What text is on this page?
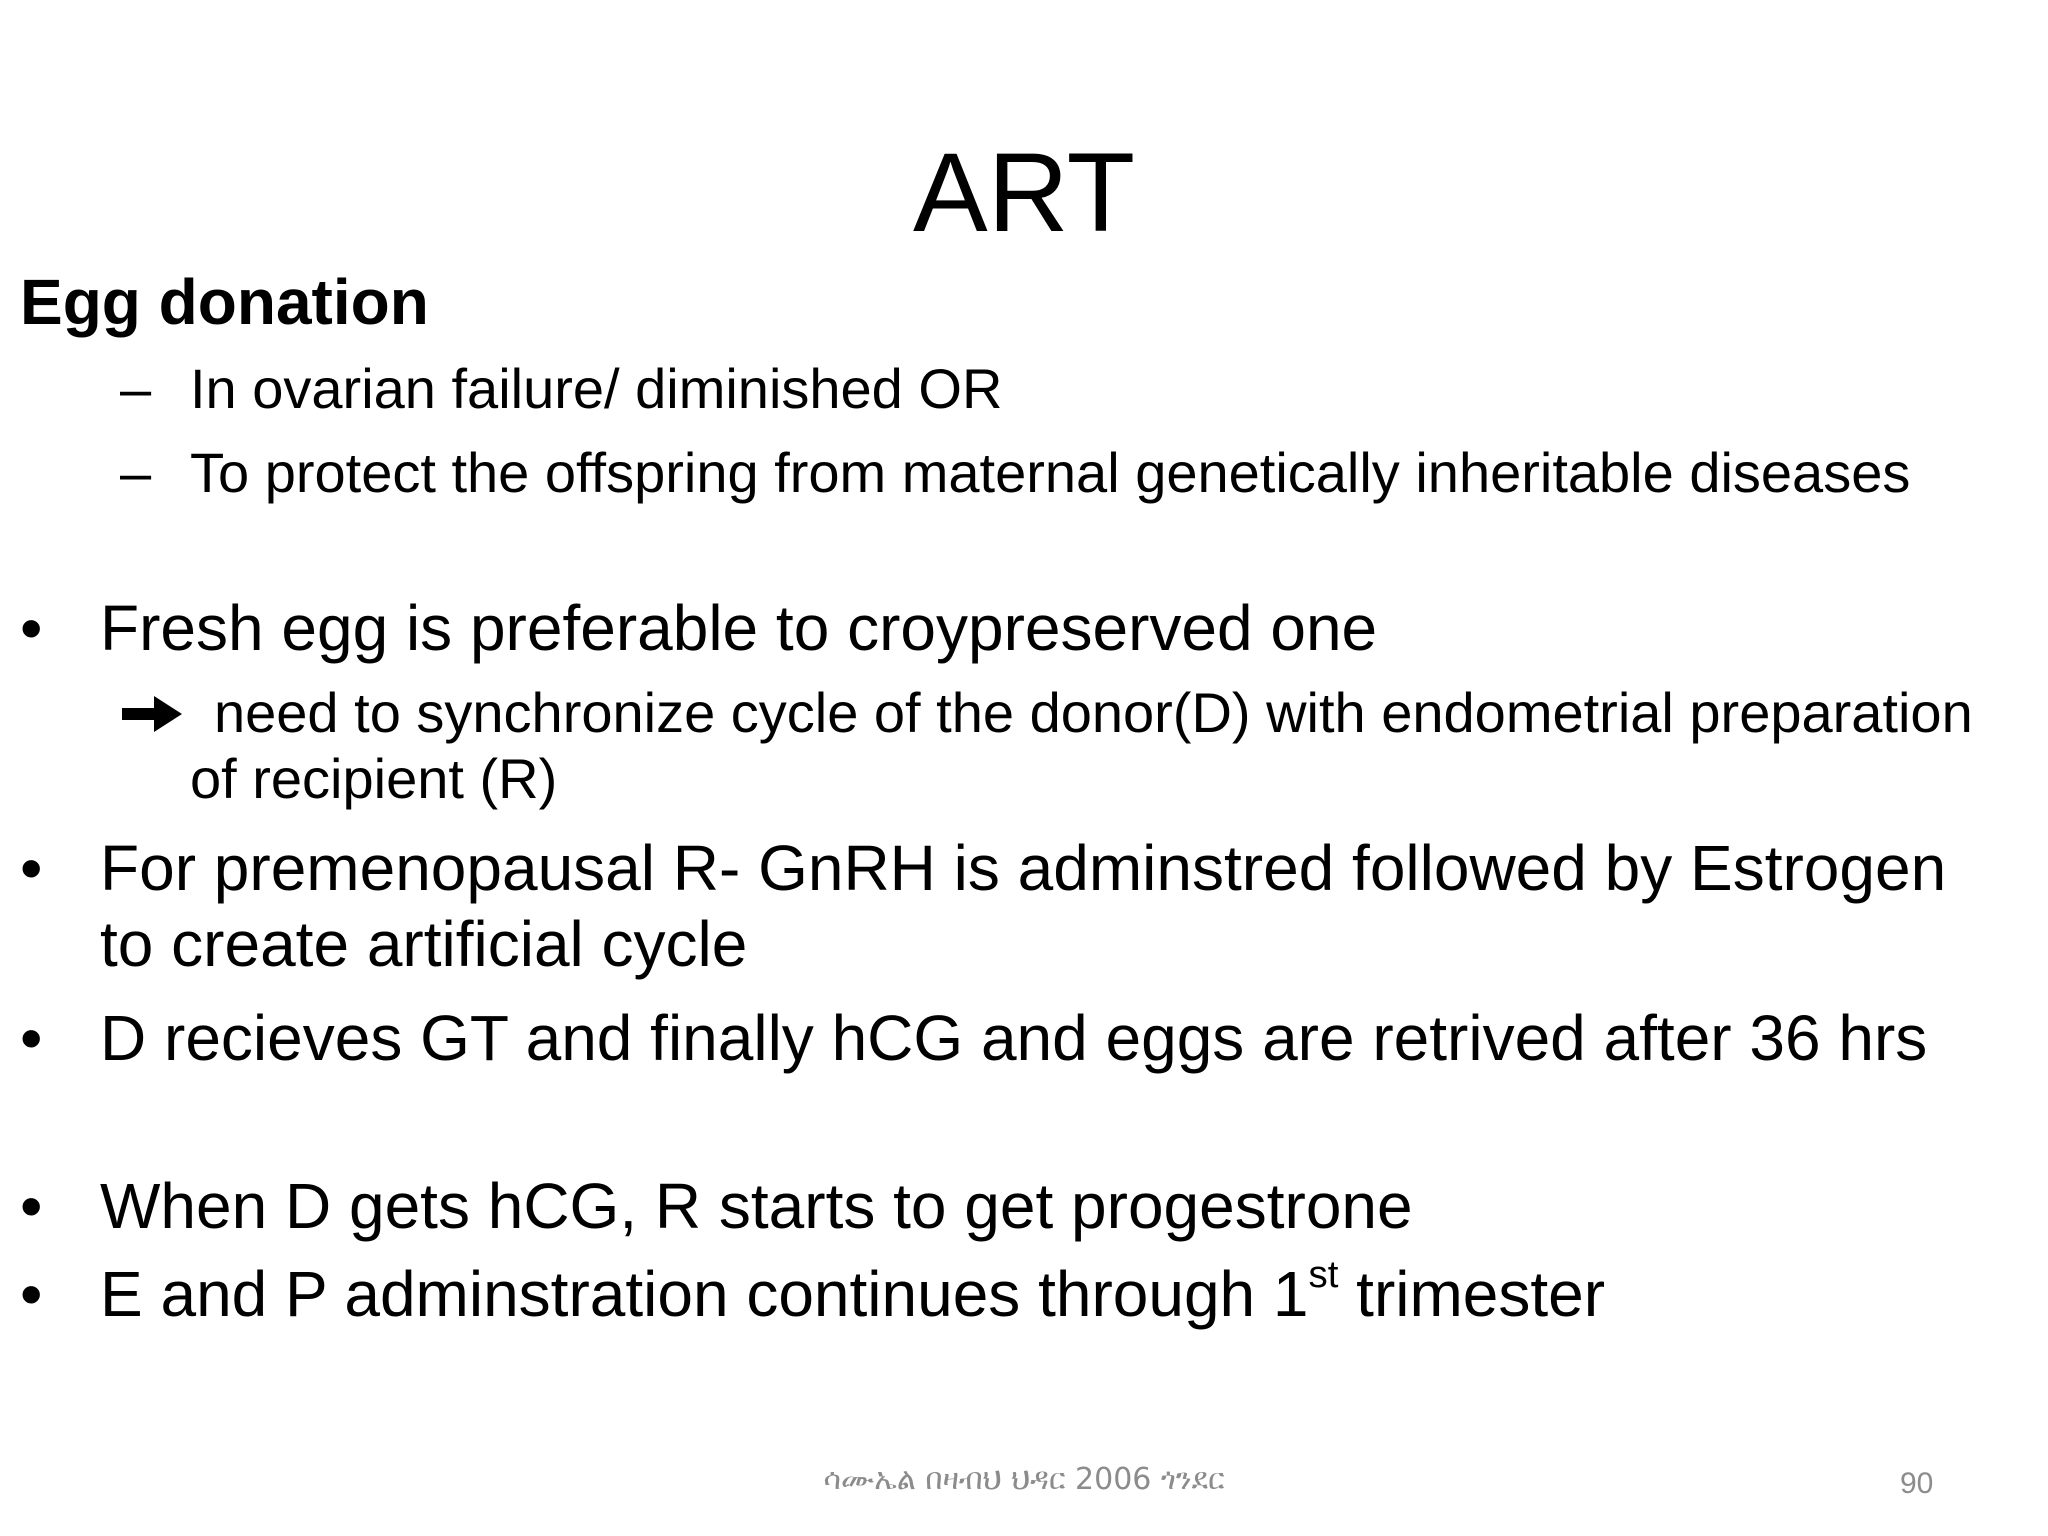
ART
Egg donation
– In ovarian failure/ diminished OR
– To protect the offspring from maternal genetically inheritable diseases
• Fresh egg is preferable to croypreserved one
need to synchronize cycle of the donor(D) with endometrial preparation of recipient (R)
• For premenopausal R- GnRH is adminstred followed by Estrogen to create artificial cycle
• D recieves GT and finally hCG and eggs are retrived after 36 hrs
• When D gets hCG, R starts to get progestrone
• E and P adminstration continues through 1st trimester
ሳሙኤል በዛብህ ህዳር 2006 ጎንደር	90
